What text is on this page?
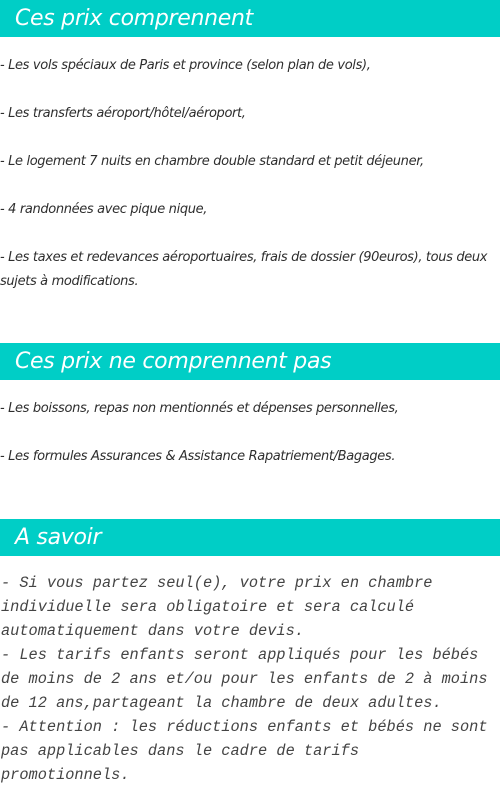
Ces prix comprennent
- Les vols spéciaux de Paris et province (selon plan de vols),
- Les transferts aéroport/hôtel/aéroport,
- Le logement 7 nuits en chambre double standard et petit déjeuner,
- 4 randonnées avec pique nique,
- Les taxes et redevances aéroportuaires, frais de dossier (90euros), tous deux sujets à modifications.
Ces prix ne comprennent pas
- Les boissons, repas non mentionnés et dépenses personnelles,
- Les formules Assurances & Assistance Rapatriement/Bagages.
A savoir
- Si vous partez seul(e), votre prix en chambre individuelle sera obligatoire et sera calculé automatiquement dans votre devis.
- Les tarifs enfants seront appliqués pour les bébés de moins de 2 ans et/ou pour les enfants de 2 à moins de 12 ans,partageant la chambre de deux adultes.
- Attention : les réductions enfants et bébés ne sont pas applicables dans le cadre de tarifs promotionnels.
